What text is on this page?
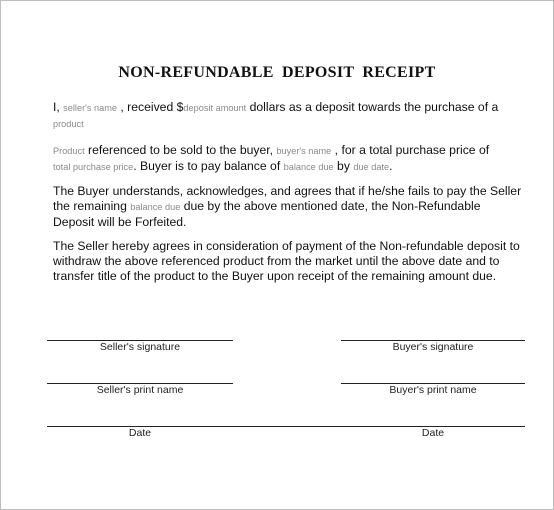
NON-REFUNDABLE DEPOSIT RECEIPT
I, seller's name , received $deposit amount dollars as a deposit towards the purchase of a
product
Product referenced to be sold to the buyer, buyer's name , for a total purchase price of
total purchase price. Buyer is to pay balance of balance due by due date.
The Buyer understands, acknowledges, and agrees that if he/she fails to pay the Seller the remaining balance due due by the above mentioned date, the Non-Refundable Deposit will be Forfeited.
The Seller hereby agrees in consideration of payment of the Non-refundable deposit to withdraw the above referenced product from the market until the above date and to transfer title of the product to the Buyer upon receipt of the remaining amount due.
Seller's signature	Buyer's signature
Seller's print name	Buyer's print name
Date	Date
